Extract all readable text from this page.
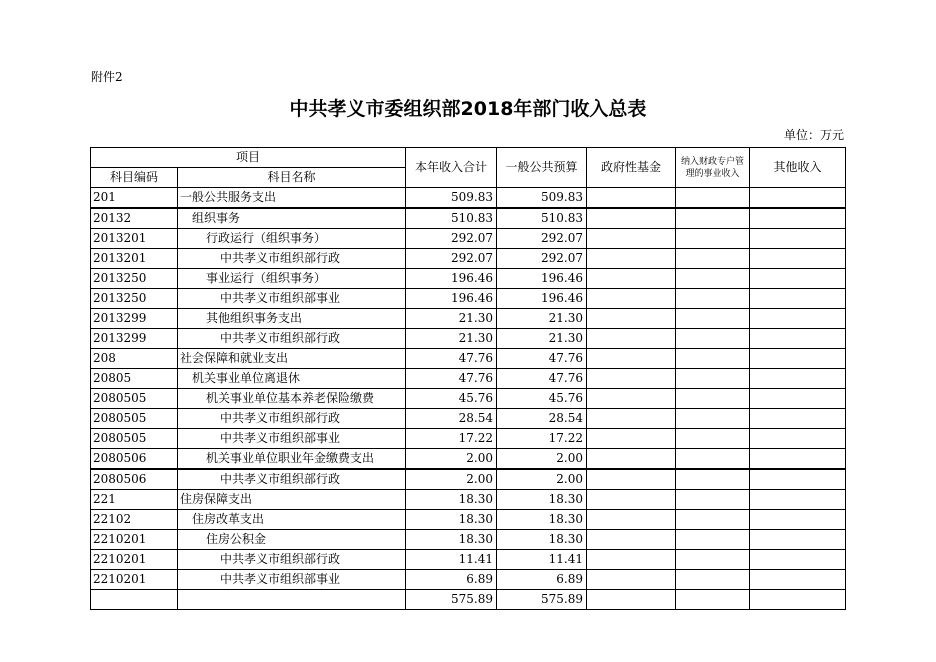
附件2
中共孝义市委组织部2018年部门收入总表
单位：万元
项目		本年收入合计	一般公共预算	政府性基金	纳入财政专户管理的事业收入	其他收入
科目编码	科目名称					
201	一般公共服务支出	509.83	509.83			
20132	组织事务	510.83	510.83			
2013201	行政运行（组织事务）	292.07	292.07			
2013201	中共孝义市组织部行政	292.07	292.07			
2013250	事业运行（组织事务）	196.46	196.46			
2013250	中共孝义市组织部事业	196.46	196.46			
2013299	其他组织事务支出	21.30	21.30			
2013299	中共孝义市组织部行政	21.30	21.30			
208	社会保障和就业支出	47.76	47.76			
20805	机关事业单位离退休	47.76	47.76			
2080505	机关事业单位基本养老保险缴费	45.76	45.76			
2080505	中共孝义市组织部行政	28.54	28.54			
2080505	中共孝义市组织部事业	17.22	17.22			
2080506	机关事业单位职业年金缴费支出	2.00	2.00			
2080506	中共孝义市组织部行政	2.00	2.00			
221	住房保障支出	18.30	18.30			
22102	住房改革支出	18.30	18.30			
2210201	住房公积金	18.30	18.30			
2210201	中共孝义市组织部行政	11.41	11.41			
2210201	中共孝义市组织部事业	6.89	6.89			
		575.89	575.89			
